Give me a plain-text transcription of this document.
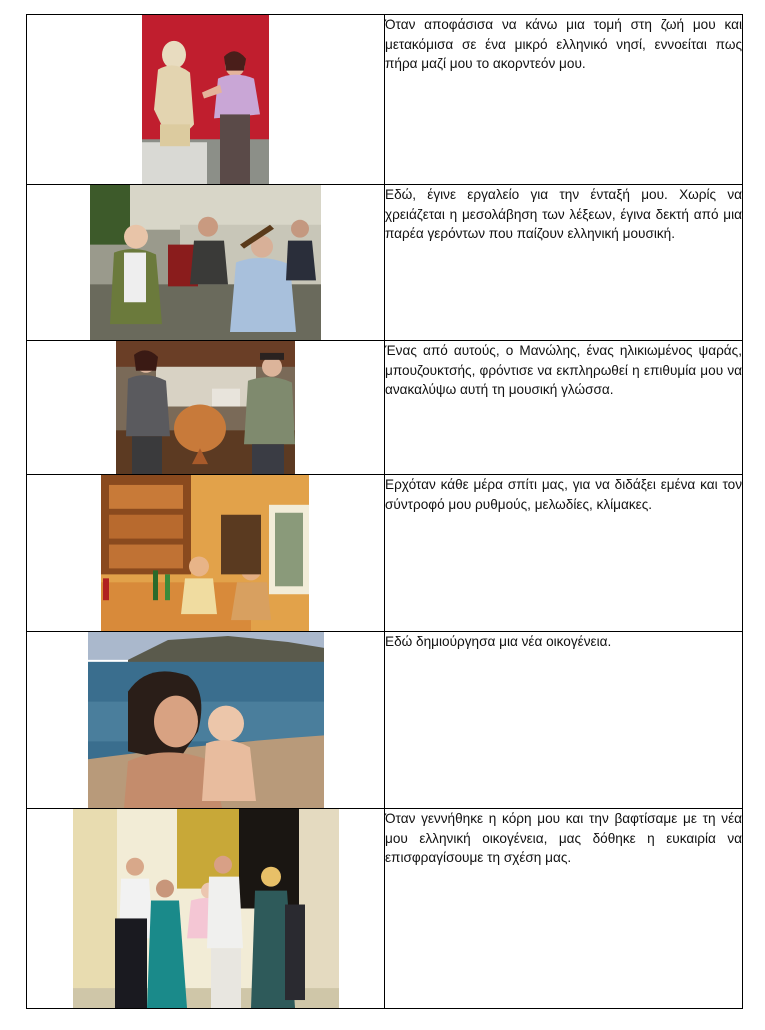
	Όταν αποφάσισα να κάνω μια τομή στη ζωή μου και μετακόμισα σε ένα μικρό ελληνικό νησί, εννοείται πως πήρα μαζί μου το ακορντεόν μου.

	Εδώ, έγινε εργαλείο για την ένταξή μου. Χωρίς να χρειάζεται η μεσολάβηση των λέξεων, έγινα δεκτή από μια παρέα γερόντων που παίζουν ελληνική μουσική.

	Ένας από αυτούς, ο Μανώλης, ένας ηλικιωμένος ψαράς, μπουζουκτσής, φρόντισε να εκπληρωθεί η επιθυμία μου να ανακαλύψω αυτή τη μουσική γλώσσα.

	Ερχόταν κάθε μέρα σπίτι μας, για να διδάξει εμένα και τον σύντροφό μου ρυθμούς, μελωδίες, κλίμακες.

	Εδώ δημιούργησα μια νέα οικογένεια.

	Όταν γεννήθηκε η κόρη μου και την βαφτίσαμε με τη νέα μου ελληνική οικογένεια, μας δόθηκε η ευκαιρία να επισφραγίσουμε τη σχέση μας.
